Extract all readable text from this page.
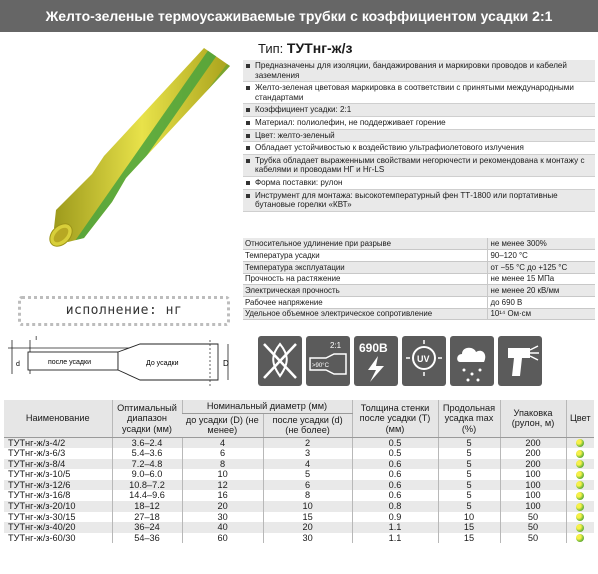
Желто-зеленые термоусаживаемые трубки с коэффициентом усадки 2:1
Тип: ТУТнг-ж/з
Предназначены для изоляции, бандажирования и маркировки проводов и кабелей заземления
Желто-зеленая цветовая маркировка в соответствии с принятыми международными стандартами
Коэффициент усадки: 2:1
Материал: полиолефин, не поддерживает горение
Цвет: желто-зеленый
Обладает устойчивостью к воздействию ультрафиолетового излучения
Трубка обладает выраженными свойствами негорючести и рекомендована к монтажу с кабелями и проводами НГ и Нг-LS
Форма поставки: рулон
Инструмент для монтажа: высокотемпературный фен ТТ-1800 или портативные бутановые горелки «КВТ»
Относительное удлинение при разрыве	не менее 300%
Температура усадки	90–120 °C
Температура эксплуатации	от −55 °C до +125 °C
Прочность на растяжение	не менее 15 МПа
Электрическая прочность	не менее 20 кВ/мм
Рабочее напряжение	до 690 В
Удельное объемное электрическое сопротивление	10¹⁴ Ом·см
исполнение: нг
T
d	D
после усадки	До усадки
2:1
>90°C
690В
UV
Наименование	Оптимальный диапазон усадки (мм)	Номинальный диаметр (мм)		Толщина стенки после усадки (T) (мм)	Продольная усадка max (%)	Упаковка (рулон, м)	Цвет
		до усадки (D) (не менее)	после усадки (d) (не более)				
ТУТнг-ж/з-4/2	3.6–2.4	4	2	0.5	5	200	
ТУТнг-ж/з-6/3	5.4–3.6	6	3	0.5	5	200	
ТУТнг-ж/з-8/4	7.2–4.8	8	4	0.6	5	200	
ТУТнг-ж/з-10/5	9.0–6.0	10	5	0.6	5	100	
ТУТнг-ж/з-12/6	10.8–7.2	12	6	0.6	5	100	
ТУТнг-ж/з-16/8	14.4–9.6	16	8	0.6	5	100	
ТУТнг-ж/з-20/10	18–12	20	10	0.8	5	100	
ТУТнг-ж/з-30/15	27–18	30	15	0.9	10	50	
ТУТнг-ж/з-40/20	36–24	40	20	1.1	15	50	
ТУТнг-ж/з-60/30	54–36	60	30	1.1	15	50	
